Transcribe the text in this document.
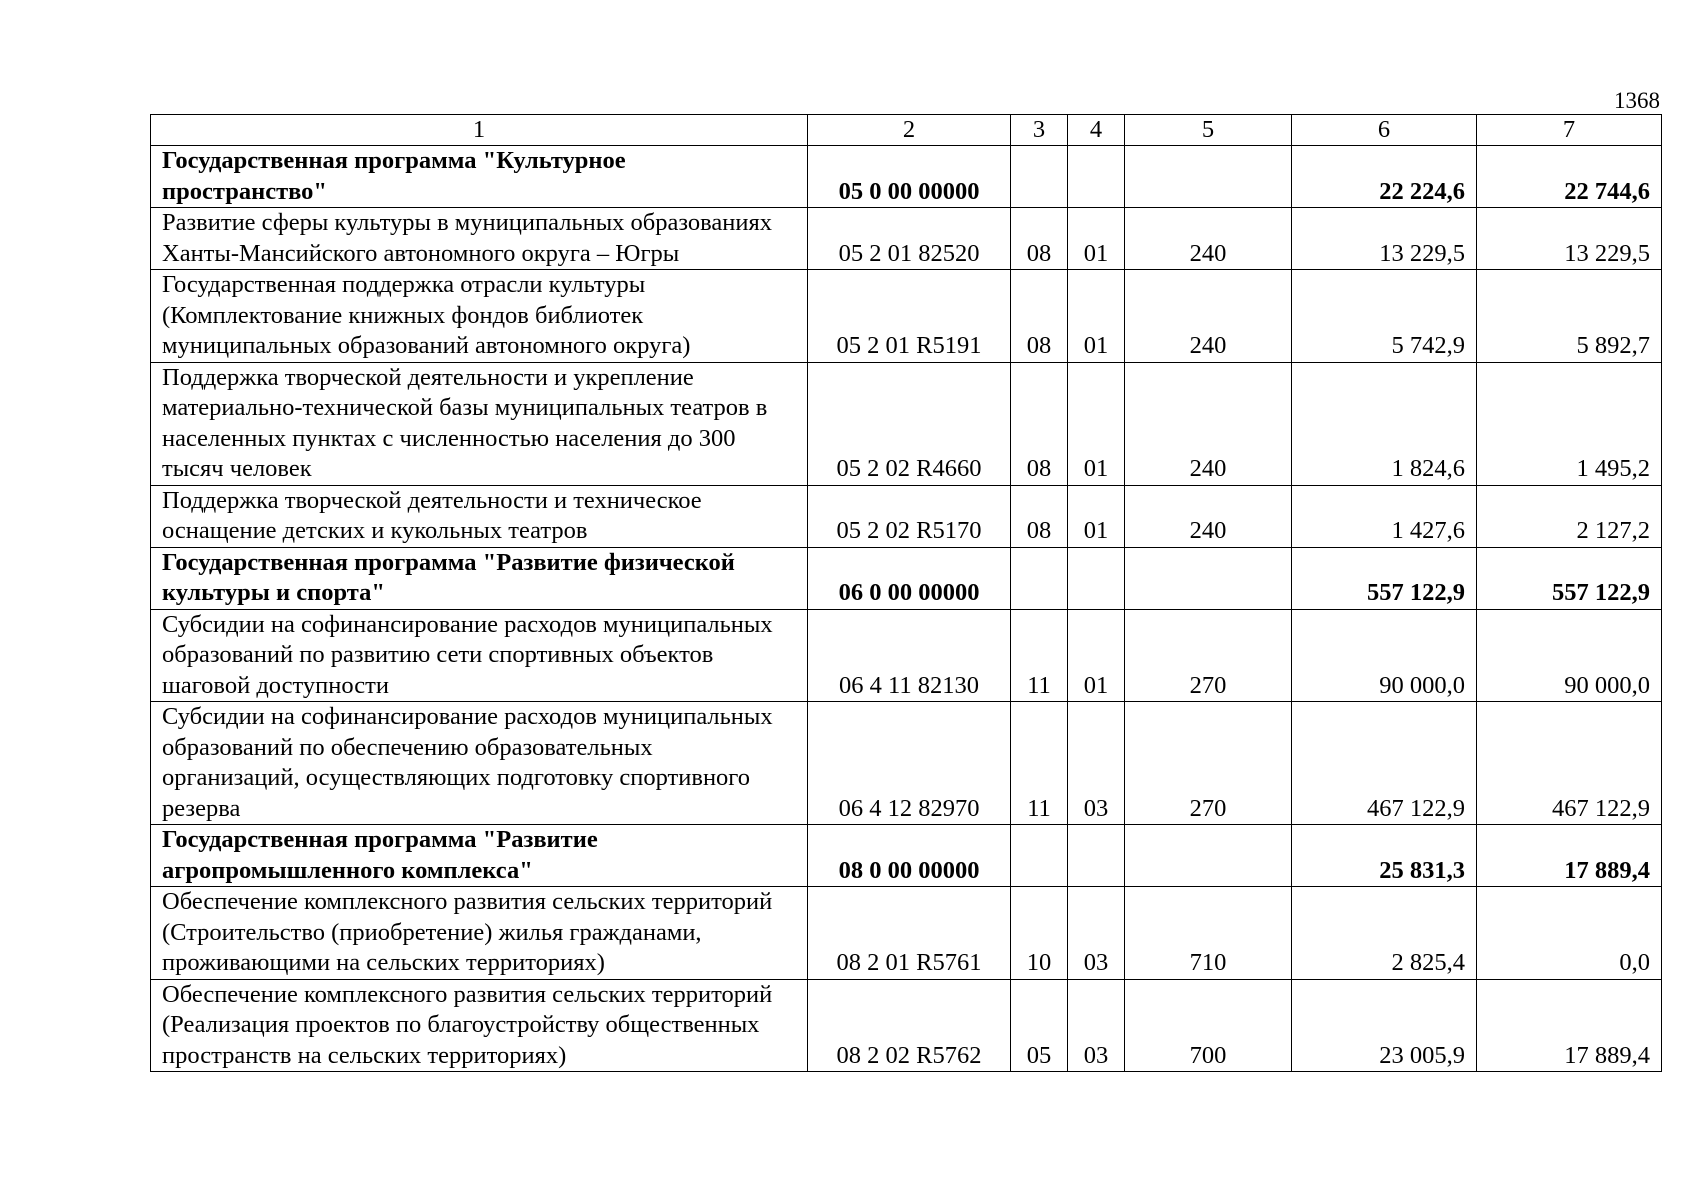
1368
1	2	3	4	5	6	7
Государственная программа "Культурное пространство"	05 0 00 00000				22 224,6	22 744,6
Развитие сферы культуры в муниципальных образованиях Ханты-Мансийского автономного округа – Югры	05 2 01 82520	08	01	240	13 229,5	13 229,5
Государственная поддержка отрасли культуры (Комплектование книжных фондов библиотек муниципальных образований автономного округа)	05 2 01 R5191	08	01	240	5 742,9	5 892,7
Поддержка творческой деятельности и укрепление материально-технической базы муниципальных театров в населенных пунктах с численностью населения до 300 тысяч человек	05 2 02 R4660	08	01	240	1 824,6	1 495,2
Поддержка творческой деятельности и техническое оснащение детских и кукольных театров	05 2 02 R5170	08	01	240	1 427,6	2 127,2
Государственная программа "Развитие физической культуры и спорта"	06 0 00 00000				557 122,9	557 122,9
Субсидии на софинансирование расходов муниципальных образований по развитию сети спортивных объектов шаговой доступности	06 4 11 82130	11	01	270	90 000,0	90 000,0
Субсидии на софинансирование расходов муниципальных образований по обеспечению образовательных организаций, осуществляющих подготовку спортивного резерва	06 4 12 82970	11	03	270	467 122,9	467 122,9
Государственная программа "Развитие агропромышленного комплекса"	08 0 00 00000				25 831,3	17 889,4
Обеспечение комплексного развития сельских территорий (Строительство (приобретение) жилья гражданами, проживающими на сельских территориях)	08 2 01 R5761	10	03	710	2 825,4	0,0
Обеспечение комплексного развития сельских территорий (Реализация проектов по благоустройству общественных пространств на сельских территориях)	08 2 02 R5762	05	03	700	23 005,9	17 889,4
